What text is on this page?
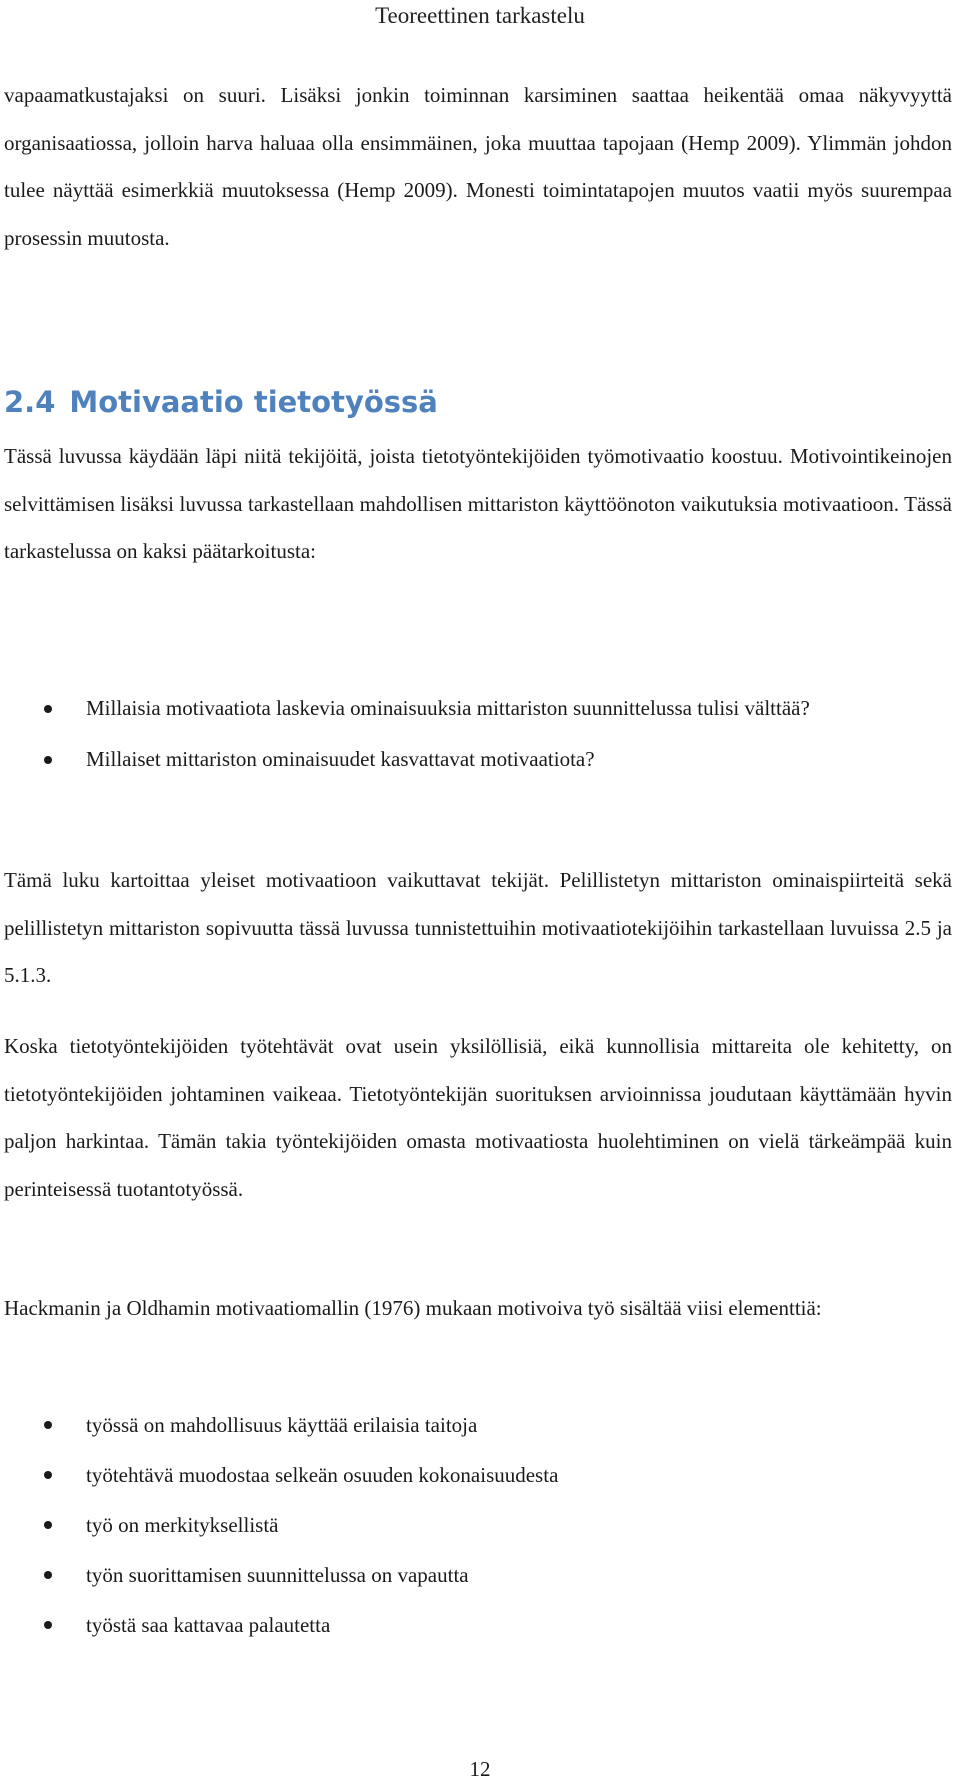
Teoreettinen tarkastelu

vapaamatkustajaksi on suuri. Lisäksi jonkin toiminnan karsiminen saattaa heikentää omaa näkyvyyttä organisaatiossa, jolloin harva haluaa olla ensimmäinen, joka muuttaa tapojaan (Hemp 2009). Ylimmän johdon tulee näyttää esimerkkiä muutoksessa (Hemp 2009). Monesti toimintatapojen muutos vaatii myös suurempaa prosessin muutosta.

2.4 Motivaatio tietotyössä

Tässä luvussa käydään läpi niitä tekijöitä, joista tietotyöntekijöiden työmotivaatio koostuu. Motivointikeinojen selvittämisen lisäksi luvussa tarkastellaan mahdollisen mittariston käyttöönoton vaikutuksia motivaatioon. Tässä tarkastelussa on kaksi päätarkoitusta:

Millaisia motivaatiota laskevia ominaisuuksia mittariston suunnittelussa tulisi välttää?
Millaiset mittariston ominaisuudet kasvattavat motivaatiota?

Tämä luku kartoittaa yleiset motivaatioon vaikuttavat tekijät. Pelillistetyn mittariston ominaispiirteitä sekä pelillistetyn mittariston sopivuutta tässä luvussa tunnistettuihin motivaatiotekijöihin tarkastellaan luvuissa 2.5 ja 5.1.3.

Koska tietotyöntekijöiden työtehtävät ovat usein yksilöllisiä, eikä kunnollisia mittareita ole kehitetty, on tietotyöntekijöiden johtaminen vaikeaa. Tietotyöntekijän suorituksen arvioinnissa joudutaan käyttämään hyvin paljon harkintaa. Tämän takia työntekijöiden omasta motivaatiosta huolehtiminen on vielä tärkeämpää kuin perinteisessä tuotantotyössä.

Hackmanin ja Oldhamin motivaatiomallin (1976) mukaan motivoiva työ sisältää viisi elementtiä:

työssä on mahdollisuus käyttää erilaisia taitoja
työtehtävä muodostaa selkeän osuuden kokonaisuudesta
työ on merkityksellistä
työn suorittamisen suunnittelussa on vapautta
työstä saa kattavaa palautetta
12
